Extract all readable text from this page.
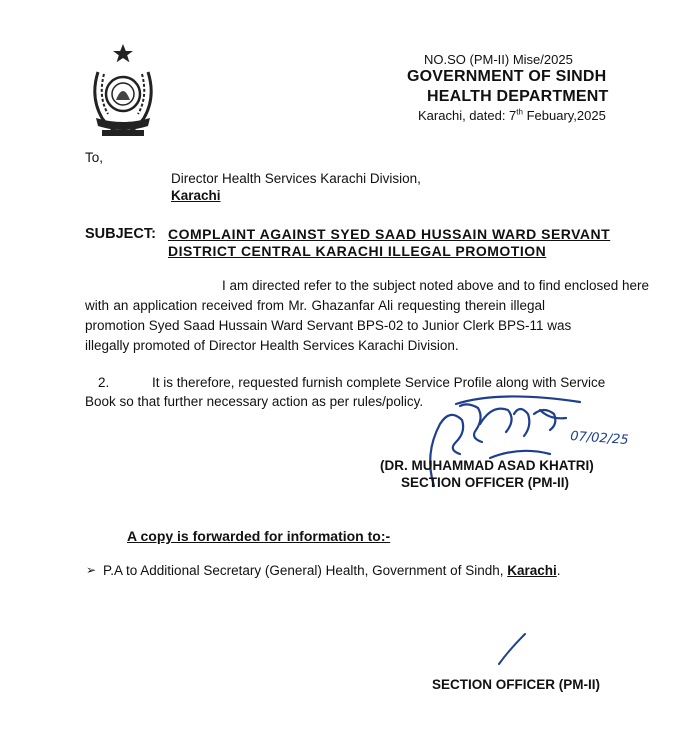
NO.SO (PM-II) Mise/2025
GOVERNMENT OF SINDH
HEALTH DEPARTMENT
Karachi, dated: 7th Febuary,2025
To,
Director Health Services Karachi Division,
Karachi
SUBJECT: COMPLAINT AGAINST SYED SAAD HUSSAIN WARD SERVANT
DISTRICT CENTRAL KARACHI ILLEGAL PROMOTION
I am directed refer to the subject noted above and to find enclosed here
with an application received from Mr. Ghazanfar Ali requesting therein illegal
promotion Syed Saad Hussain Ward Servant BPS-02 to Junior Clerk BPS-11 was
illegally promoted of Director Health Services Karachi Division.
2.	It is therefore, requested furnish complete Service Profile along with Service
Book so that further necessary action as per rules/policy.
07/02/25
(DR. MUHAMMAD ASAD KHATRI)
SECTION OFFICER (PM-II)
A copy is forwarded for information to:-
➢ P.A to Additional Secretary (General) Health, Government of Sindh, Karachi.
SECTION OFFICER (PM-II)
